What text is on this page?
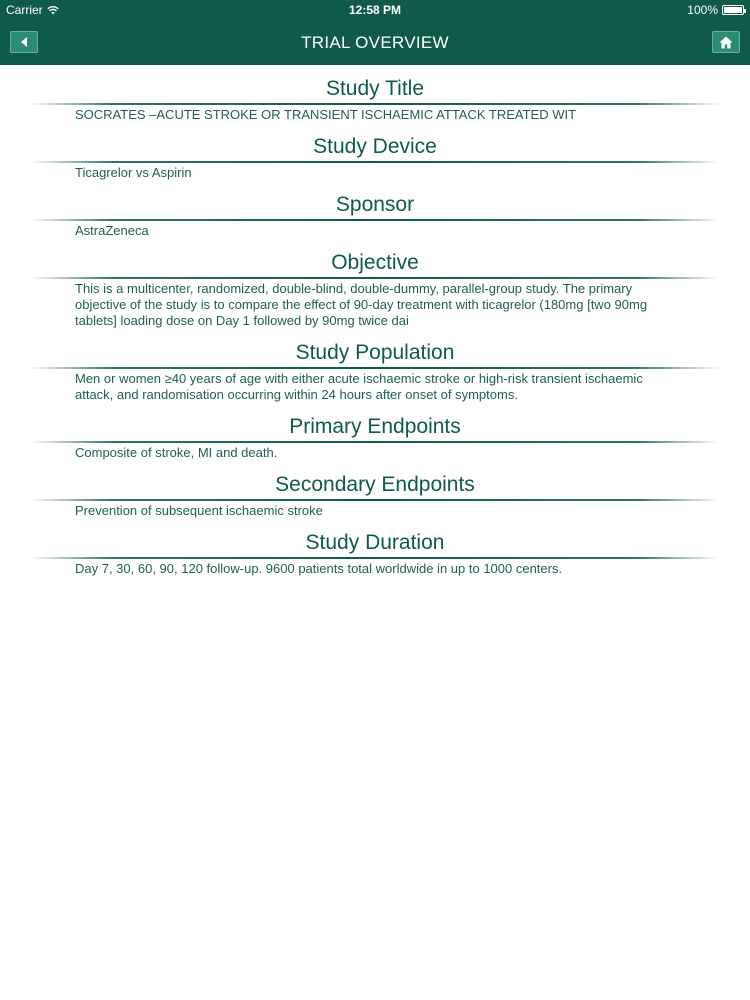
Carrier	12:58 PM	100%
TRIAL OVERVIEW
Study Title

SOCRATES –ACUTE STROKE OR TRANSIENT ISCHAEMIC ATTACK TREATED WIT

Study Device

Ticagrelor vs Aspirin

Sponsor

AstraZeneca

Objective

This is a multicenter, randomized, double-blind, double-dummy, parallel-group study. The primary objective of the study is to compare the effect of 90-day treatment with ticagrelor (180mg [two 90mg tablets] loading dose on Day 1 followed by 90mg twice dai

Study Population

Men or women ≥40 years of age with either acute ischaemic stroke or high-risk transient ischaemic attack, and randomisation occurring within 24 hours after onset of symptoms.

Primary Endpoints

Composite of stroke, MI and death.

Secondary Endpoints

Prevention of subsequent ischaemic stroke

Study Duration

Day 7, 30, 60, 90, 120 follow-up. 9600 patients total worldwide in up to 1000 centers.
